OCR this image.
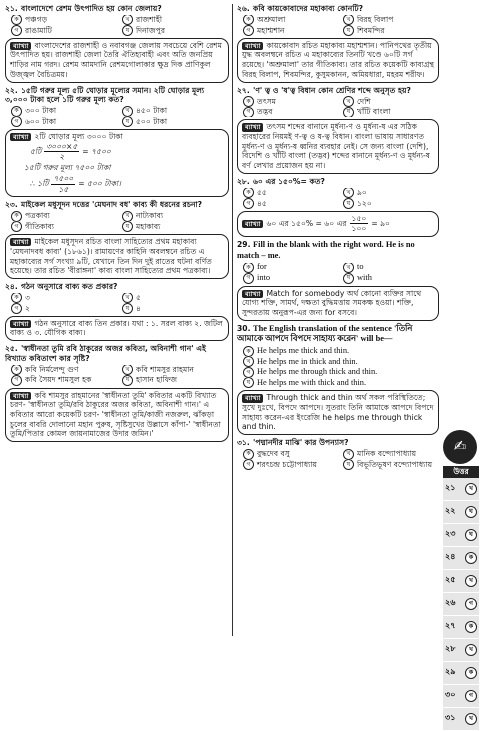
২১. বাংলাদেশে রেশম উৎপাদিত হয় কোন জেলায়?
ক পঞ্চগড়	খ রাজশাহী
গ রাঙামাটি	ঘ দিনাজপুর
ব্যাখ্যা বাংলাদেশের রাজশাহী ও নবাবগঞ্জ জেলায় সবচেয়ে বেশি রেশম উৎপাদিত হয়। রাজশাহী জেলা তৈরি ঐতিহ্যবাহী এবং অতি জনপ্রিয় শাড়ির নাম গরদ। রেশম আমদানি রেশমগোলাকার ক্ষুদ্র দিক প্রাণিকুল উজ্জ্বল বৈচিত্রময়।
২২. ১৫টি গরুর মূল্য ৫টি ঘোড়ার মূল্যের সমান। ২টি ঘোড়ার মূল্য ৩,০০০ টাকা হলে ১টি গরুর মূল্য কত?
ক ৩০০ টাকা	খ ৪৫০ টাকা
গ ৬০০ টাকা	ঘ ৫০০ টাকা
ব্যাখ্যা ২টি ঘোড়ার মূল্য ৩০০০ টাকা
৫টি $\frac{৩০০০\times ৫}{২}$ = ৭৫০০
১৫টি গরুর মূল্য ৭৫০০ টাকা
∴ ১টি $\frac{৭৫০০}{১৫}$ = ৫০০ টাকা।
২৩. মাইকেল মধুসূদন দত্তের 'মেঘনাদ বধ' কাব্য কী ধরনের রচনা?
ক পত্রকাব্য	খ নাট্যকাব্য
গ গীতিকাব্য	ঘ মহাকাব্য
ব্যাখ্যা মাইকেল মধুসূদন রচিত বাংলা সাহিত্যের প্রথম মহাকাব্য 'মেঘনাদবধ কাব্য' (১৮৬১)। রামায়ণের কাহিনি অবলম্বনে রচিত এ মহাকাব্যের সর্গ সংখ্যা ৯টি, যেখানে তিন দিন দুই রাতের ঘটনা বর্ণিত হয়েছে। তার রচিত 'বীরাঙ্গনা' কাব্য বাংলা সাহিত্যের প্রথম পত্রকাব্য।
২৪. গঠন অনুসারে বাক্য কত প্রকার?
ক ৩	খ ৫
গ ২	ঘ ৪
ব্যাখ্যা গঠন অনুসারে বাক্য তিন প্রকার। যথা : ১. সরল বাক্য ২. জটিল বাক্য ও ৩. যৌগিক বাক্য।
২৫. 'স্বাধীনতা তুমি রবি ঠাকুরের অজর কবিতা, অবিনাশী গান' এই বিখ্যাত কবিতাংশ কার সৃষ্টি?
ক কবি নির্মলেন্দু গুণ	খ কবি শামসুর রাহমান
গ কবি সৈয়দ শামসুল হক	ঘ হাসান হাফিজ
ব্যাখ্যা কবি শামসুর রাহমানের 'স্বাধীনতা তুমি' কবিতার একটি বিখ্যাত চরণ- 'স্বাধীনতা তুমি/রবি ঠাকুরের অজর কবিতা, অবিনাশী গান।' এ কবিতার আরো কয়েকটি চরণ- 'স্বাধীনতা তুমি/কাজী নজরুল, ঝাঁকড়া চুলের বাবরি দোলানো মহান পুরুষ, সৃষ্টিসুখের উল্লাসে কাঁপা-' 'স্বাধীনতা তুমি/পিতার কোমল জায়নামাজের উদার জমিন।'
২৬. কবি কায়কোবাদের মহাকাব্য কোনটি?
ক অশ্রুমালা	খ বিরহ বিলাপ
গ মহাশ্মশান	ঘ শিবমন্দির
ব্যাখ্যা কায়কোবাদ রচিত মহাকাব্য মহাশ্মশান। পানিপথের তৃতীয় যুদ্ধ অবলম্বনে রচিত এ মহাকাব্যের তিনটি খণ্ডে ৬০টি সর্গ রয়েছে। 'অশ্রুমালা' তার গীতিকাব্য। তার রচিত কয়েকটি কাব্যগ্রন্থ বিরহ বিলাপ, শিবমন্দির, কুসুমকানন, অমিয়ধারা, মহরম শরীফ।
২৭. 'ণ' ত্ব ও 'ষ'ত্ব বিধান কোন শ্রেণির শব্দে অনুসৃত হয়?
ক তৎসম	খ দেশি
গ তদ্ভব	ঘ খাঁটি বাংলা
ব্যাখ্যা তৎসম শব্দের বানানে মূর্ধন্য-ণ ও মূর্ধন্য-ষ এর সঠিক ব্যবহারের নিয়মই ণ-ত্ব ও ষ-ত্ব বিধান। বাংলা ভাষায় সাধারণত মূর্ধন্য-ণ ও মূর্ধন্য-ষ ধ্বনির ব্যবহার নেই। সে জন্য বাংলা (দেশি), বিদেশি ও খাঁটি বাংলা (তদ্ভব) শব্দের বানানে মূর্ধন্য-ণ ও মূর্ধন্য-ষ বর্ণ লেখার প্রয়োজন হয় না।
২৮. ৬০ এর ১৫০%= কত?
ক ৫৫	খ ৯০
গ ৪৫	ঘ ১২০
ব্যাখ্যা ৬০ এর ১৫০% = ৬০ এর $\frac{১৫০}{১০০}$ = ৯০
29. Fill in the blank with the right word. He is no match – me.
ক for	খ to
গ into	ঘ with
ব্যাখ্যা Match for somebody অর্থ কোনো ব্যক্তির সাথে যোগ্য শক্তি, সামর্থ, দক্ষতা বুদ্ধিমত্তায় সমকক্ষ হওয়া। শক্তি, সুন্দরতায় অনুরূপ-এর জন্য for বসবে।
30. The English translation of the sentence 'তিনি আমাকে আপদে বিপদে সাহায্য করেন' will be—
ক He helps me thick and thin.
খ He helps me in thick and thin.
গ He helps me through thick and thin.
ঘ He helps me with thick and thin.
ব্যাখ্যা Through thick and thin অর্থ সকল পরিস্থিতিতে; সুখে দুঃখে, বিপদে আপদে। সুতরাং তিনি আমাকে আপদে বিপদে সাহায্য করেন-এর ইংরেজি he helps me through thick and thin.
৩১. 'পদ্মানদীর মাঝি' কার উপন্যাস?
ক বুদ্ধদেব বসু	খ মানিক বন্দ্যোপাধ্যায়
গ শরৎচন্দ্র চট্টোপাধ্যায়	ঘ বিভূতিভূষণ বন্দ্যোপাধ্যায়
✍
উত্তর
২১	খ
২২	ঘ
২৩	ঘ
২৪	ক
২৫	খ
২৬	গ
২৭	ক
২৮	খ
২৯	ক
৩০	গ
৩১	খ
